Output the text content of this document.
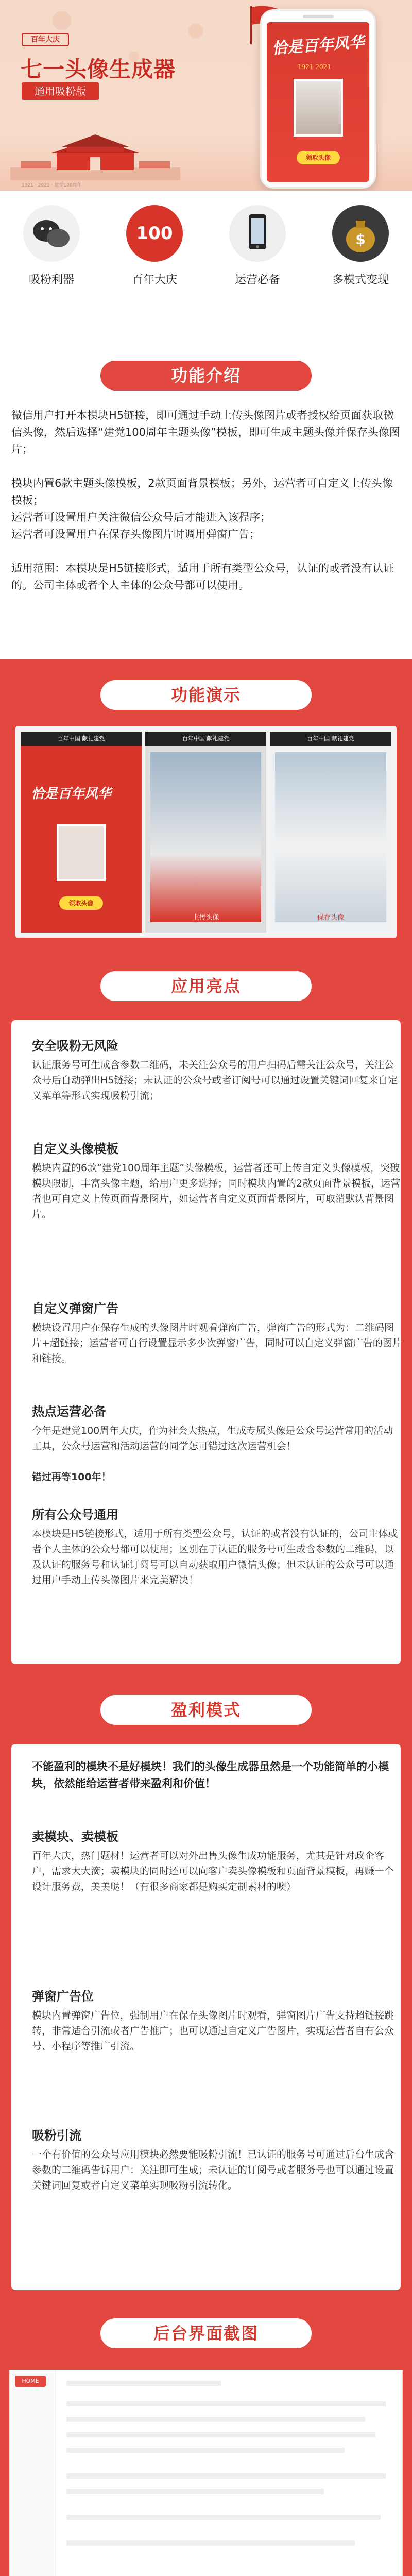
百年大庆
七一头像生成器
通用吸粉版
1921 - 2021 · 建党100周年
恰是百年风华
1921 2021
领取头像
吸粉利器
100
百年大庆	运营必备
$
多模式变现
功能介绍
微信用户打开本模块H5链接，即可通过手动上传头像图片或者授权给页面获取微信头像，然后选择“建党100周年主题头像”模板，即可生成主题头像并保存头像图片；
模块内置6款主题头像模板，2款页面背景模板；另外，运营者可自定义上传头像模板；
运营者可设置用户关注微信公众号后才能进入该程序；
运营者可设置用户在保存头像图片时调用弹窗广告；
适用范围：本模块是H5链接形式，适用于所有类型公众号，认证的或者没有认证的。公司主体或者个人主体的公众号都可以使用。
功能演示
百年中国 献礼建党
恰是百年风华
领取头像
百年中国 献礼建党
上传头像
百年中国 献礼建党
保存头像
应用亮点
安全吸粉无风险
认证服务号可生成含参数二维码，未关注公众号的用户扫码后需关注公众号，关注公众号后自动弹出H5链接；未认证的公众号或者订阅号可以通过设置关键词回复来自定义菜单等形式实现吸粉引流；
自定义头像模板
模块内置的6款“建党100周年主题”头像模板，运营者还可上传自定义头像模板，突破模块限制，丰富头像主题，给用户更多选择；同时模块内置的2款页面背景模板，运营者也可自定义上传页面背景图片，如运营者自定义页面背景图片，可取消默认背景图片。
自定义弹窗广告
模块设置用户在保存生成的头像图片时观看弹窗广告，弹窗广告的形式为：二维码图片+超链接；运营者可自行设置显示多少次弹窗广告，同时可以自定义弹窗广告的图片和链接。
热点运营必备
今年是建党100周年大庆，作为社会大热点，生成专属头像是公众号运营常用的活动工具，公众号运营和活动运营的同学怎可错过这次运营机会！
错过再等100年！
所有公众号通用
本模块是H5链接形式，适用于所有类型公众号，认证的或者没有认证的，公司主体或者个人主体的公众号都可以使用；区别在于认证的服务号可生成含参数的二维码，以及认证的服务号和认证订阅号可以自动获取用户微信头像；但未认证的公众号可以通过用户手动上传头像图片来完美解决！
盈利模式
不能盈利的模块不是好模块！我们的头像生成器虽然是一个功能简单的小模块，依然能给运营者带来盈利和价值！
卖模块、卖模板
百年大庆，热门题材！运营者可以对外出售头像生成功能服务，尤其是针对政企客户，需求大大滴；卖模块的同时还可以向客户卖头像模板和页面背景模板，再赚一个设计服务费，美美哒！（有很多商家都是购买定制素材的噢）
弹窗广告位
模块内置弹窗广告位，强制用户在保存头像图片时观看，弹窗图片广告支持超链接跳转，非常适合引流或者广告推广；也可以通过自定义广告图片，实现运营者自有公众号、小程序等推广引流。
吸粉引流
一个有价值的公众号应用模块必然要能吸粉引流！已认证的服务号可通过后台生成含参数的二维码告诉用户：关注即可生成；未认证的订阅号或者服务号也可以通过设置关键词回复或者自定义菜单实现吸粉引流转化。
后台界面截图
HOME
